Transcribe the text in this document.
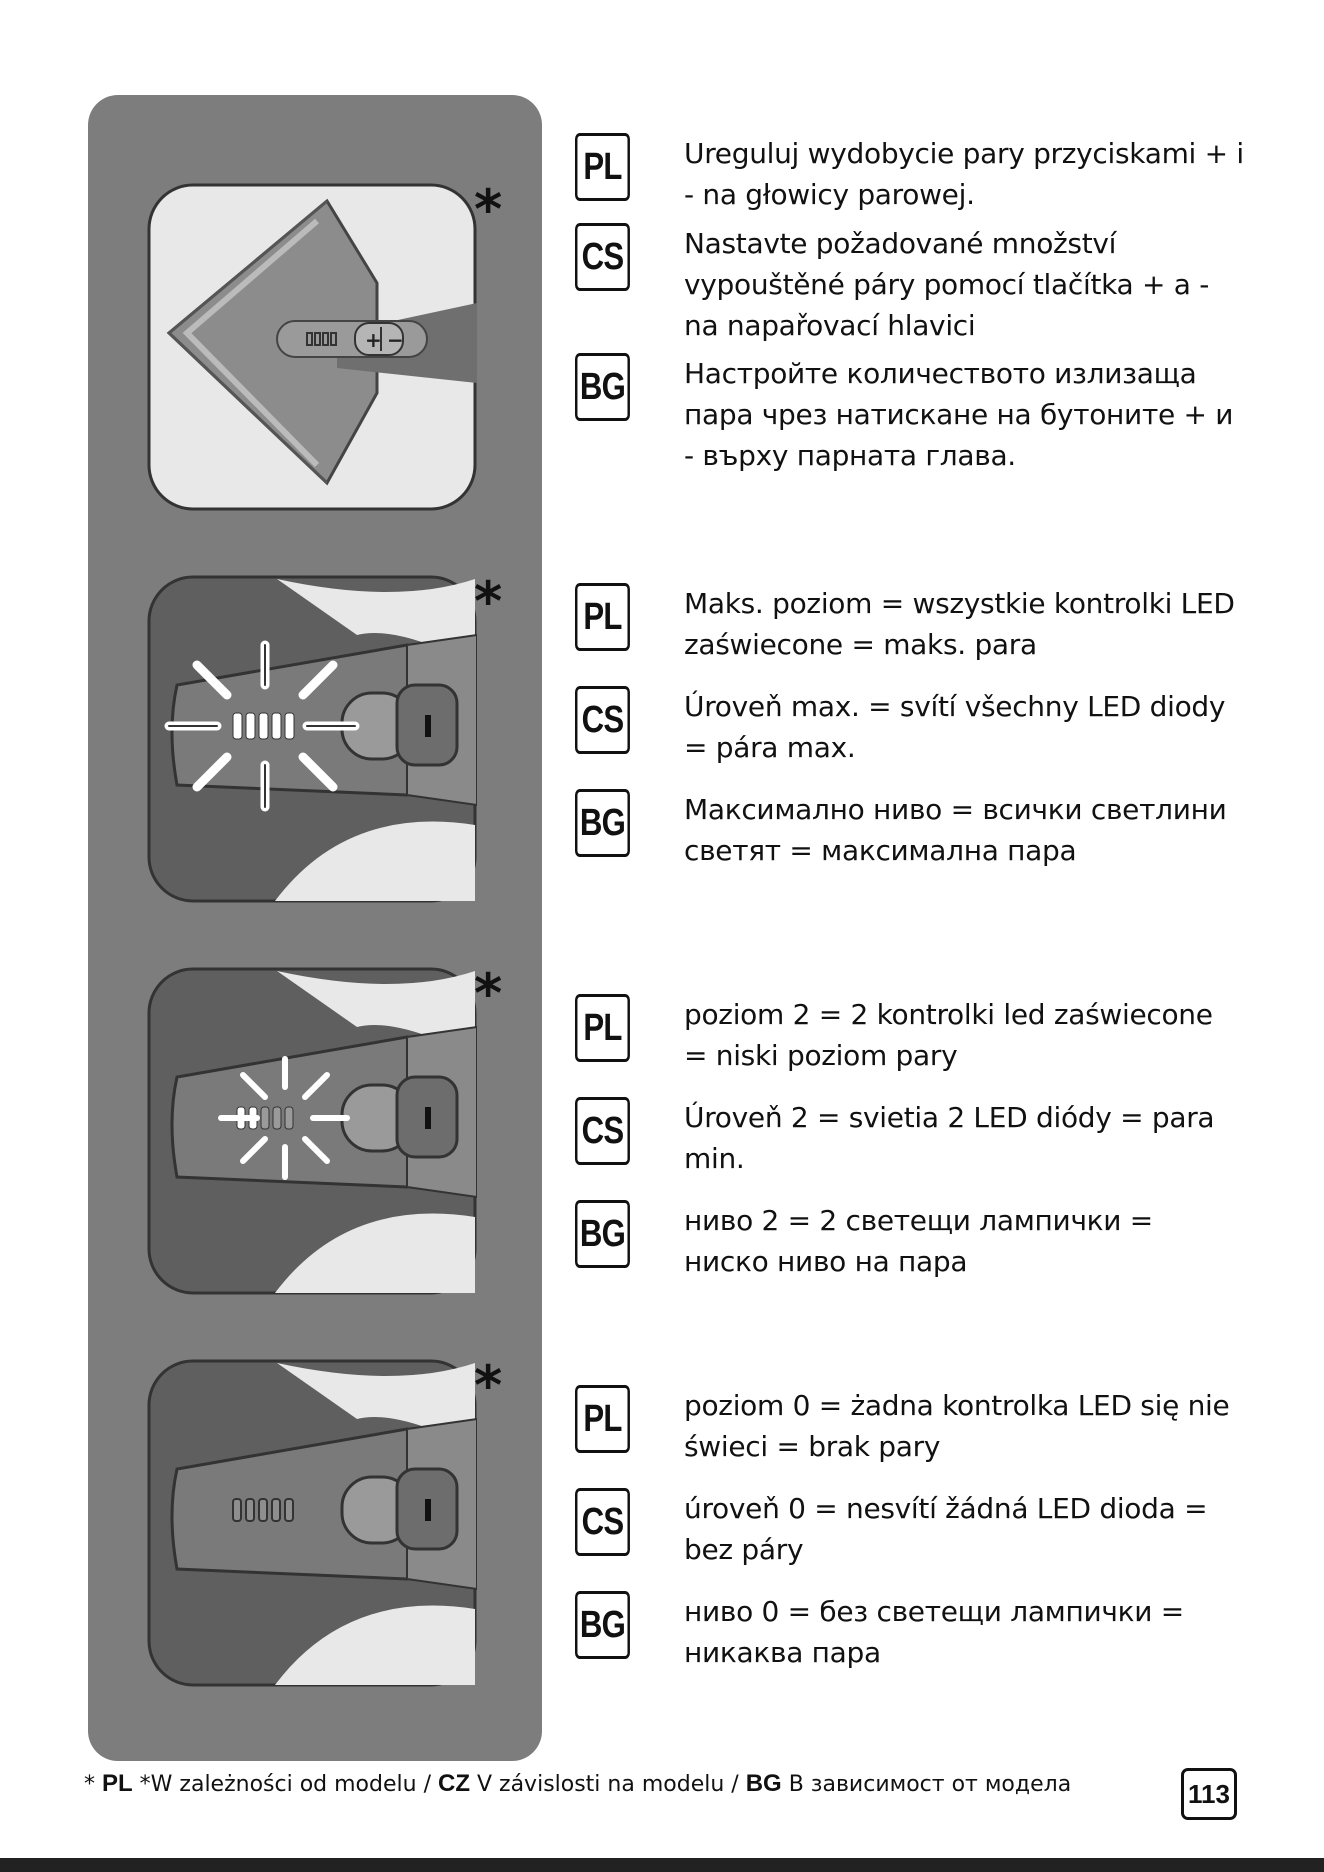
+ −
*
*
*
*
PL Ureguluj wydobycie pary przyciskami + i - na głowicy parowej.
CS Nastavte požadované množství vypouštěné páry pomocí tlačítka + a - na napařovací hlavici
BG Настройте количеството излизаща пара чрез натискане на бутоните + и - върху парната глава.
PL Maks. poziom = wszystkie kontrolki LED zaświecone = maks. para
CS Úroveň max. = svítí všechny LED diody = pára max.
BG Максимално ниво = всички светлини светят = максимална пара
PL poziom 2 = 2 kontrolki led zaświecone = niski poziom pary
CS Úroveň 2 = svietia 2 LED diódy = para min.
BG ниво 2 = 2 светещи лампички = ниско ниво на пара
PL poziom 0 = żadna kontrolka LED się nie świeci = brak pary
CS úroveň 0 = nesvítí žádná LED dioda = bez páry
BG ниво 0 = без светещи лампички = никаква пара
* PL *W zależności od modelu / CZ V závislosti na modelu / BG В зависимост от модела	113
